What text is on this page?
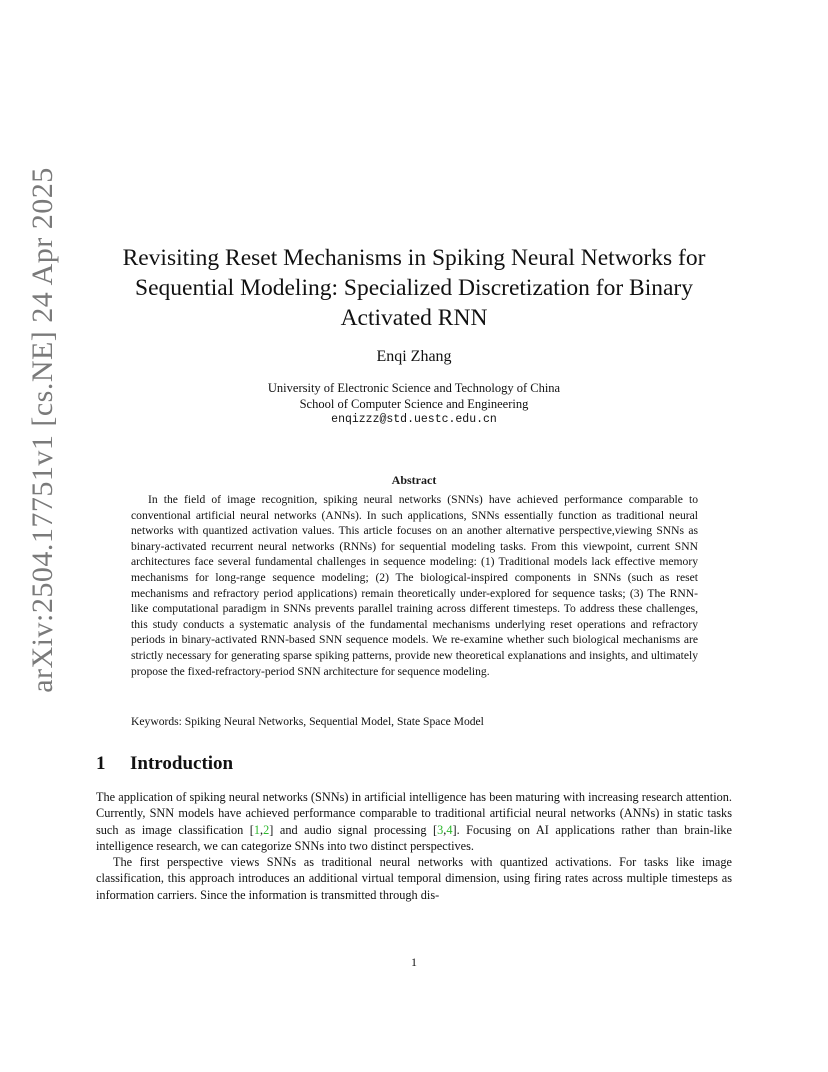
arXiv:2504.17751v1 [cs.NE] 24 Apr 2025	Revisiting Reset Mechanisms in Spiking Neural Networks for
Sequential Modeling: Specialized Discretization for Binary
Activated RNN
Enqi Zhang
University of Electronic Science and Technology of China
School of Computer Science and Engineering
enqizzz@std.uestc.edu.cn
Abstract
In the field of image recognition, spiking neural networks (SNNs) have achieved performance comparable to conventional artificial neural networks (ANNs). In such applications, SNNs essentially function as traditional neural networks with quantized activation values. This article focuses on an another alternative perspective,viewing SNNs as binary-activated recurrent neural networks (RNNs) for sequential modeling tasks. From this viewpoint, current SNN architectures face several fundamental challenges in sequence modeling: (1) Traditional models lack effective memory mechanisms for long-range sequence modeling; (2) The biological-inspired components in SNNs (such as reset mechanisms and refractory period applications) remain theoretically under-explored for sequence tasks; (3) The RNN-like computational paradigm in SNNs prevents parallel training across different timesteps. To address these challenges, this study conducts a systematic analysis of the fundamental mechanisms underlying reset operations and refractory periods in binary-activated RNN-based SNN sequence models. We re-examine whether such biological mechanisms are strictly necessary for generating sparse spiking patterns, provide new theoretical explanations and insights, and ultimately propose the fixed-refractory-period SNN architecture for sequence modeling.
Keywords: Spiking Neural Networks, Sequential Model, State Space Model
1 Introduction

The application of spiking neural networks (SNNs) in artificial intelligence has been maturing with increasing research attention. Currently, SNN models have achieved performance comparable to traditional artificial neural networks (ANNs) in static tasks such as image classification [1,2] and audio signal processing [3,4]. Focusing on AI applications rather than brain-like intelligence research, we can categorize SNNs into two distinct perspectives.

The first perspective views SNNs as traditional neural networks with quantized activations. For tasks like image classification, this approach introduces an additional virtual temporal dimension, using firing rates across multiple timesteps as information carriers. Since the information is transmitted through dis-

1
